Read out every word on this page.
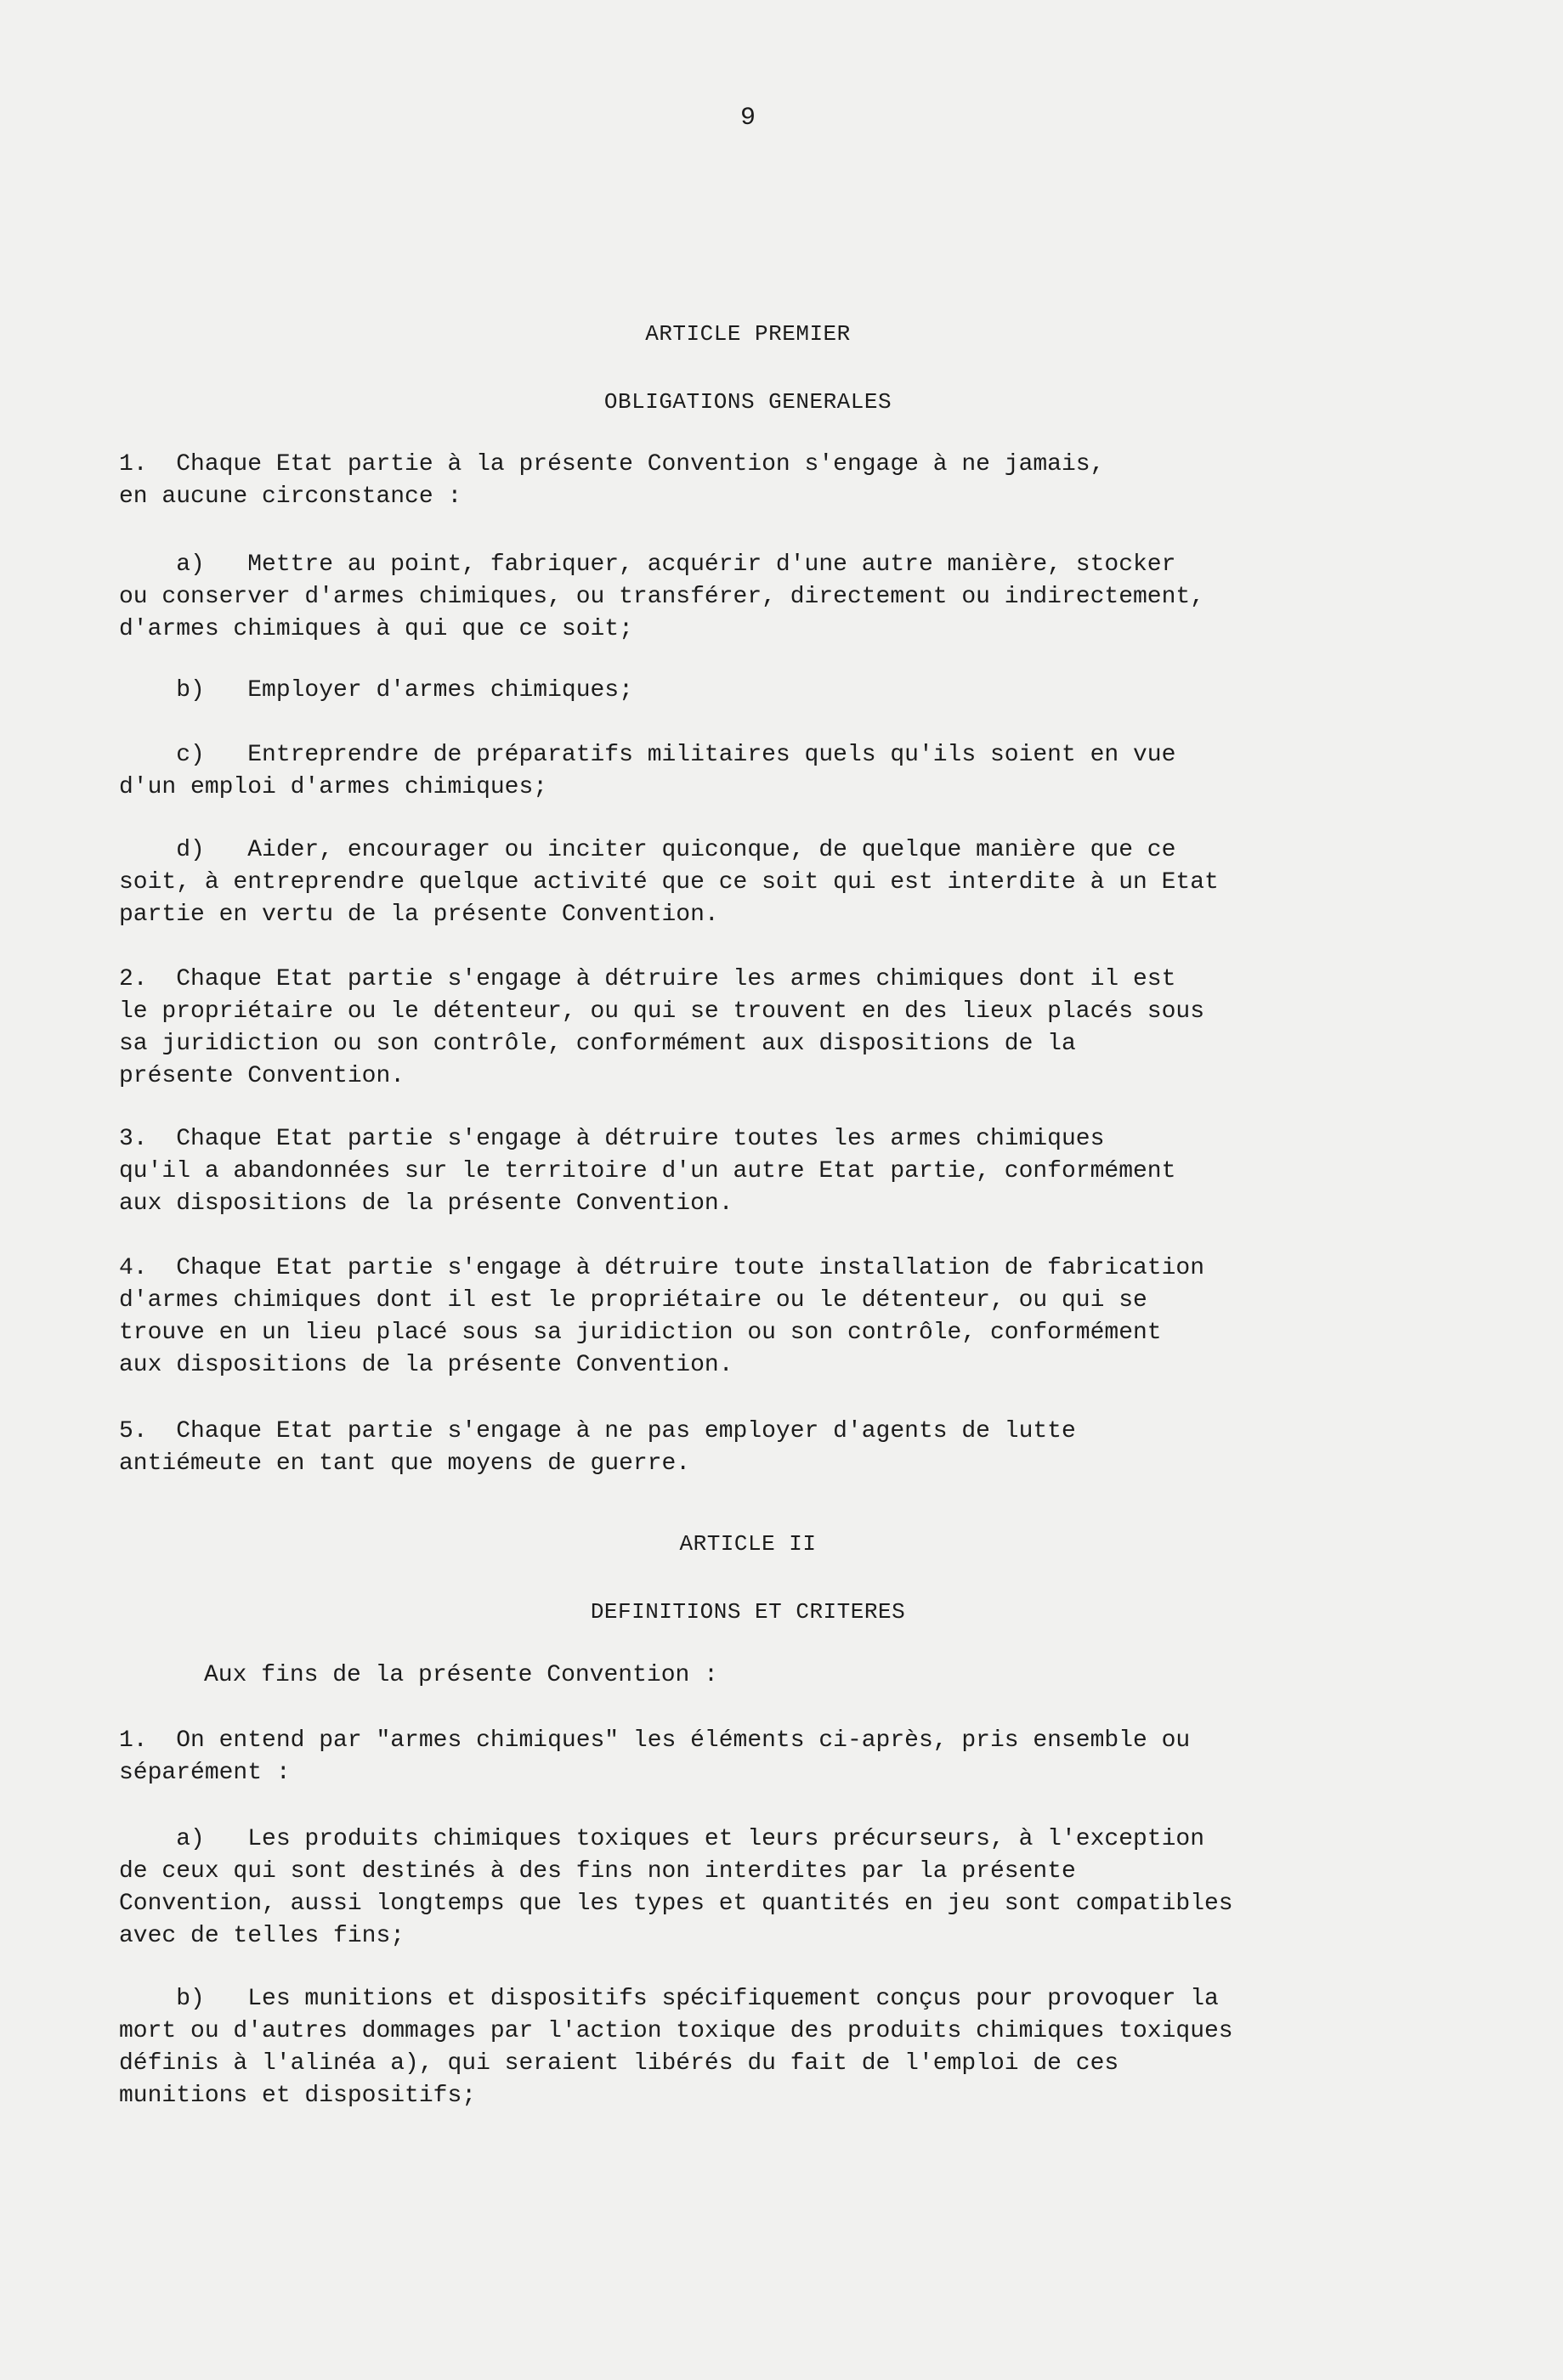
9
ARTICLE PREMIER
OBLIGATIONS GENERALES
1.  Chaque Etat partie à la présente Convention s'engage à ne jamais,
en aucune circonstance :
a)   Mettre au point, fabriquer, acquérir d'une autre manière, stocker
ou conserver d'armes chimiques, ou transférer, directement ou indirectement,
d'armes chimiques à qui que ce soit;
b)   Employer d'armes chimiques;
c)   Entreprendre de préparatifs militaires quels qu'ils soient en vue
d'un emploi d'armes chimiques;
d)   Aider, encourager ou inciter quiconque, de quelque manière que ce
soit, à entreprendre quelque activité que ce soit qui est interdite à un Etat
partie en vertu de la présente Convention.
2.  Chaque Etat partie s'engage à détruire les armes chimiques dont il est
le propriétaire ou le détenteur, ou qui se trouvent en des lieux placés sous
sa juridiction ou son contrôle, conformément aux dispositions de la
présente Convention.
3.  Chaque Etat partie s'engage à détruire toutes les armes chimiques
qu'il a abandonnées sur le territoire d'un autre Etat partie, conformément
aux dispositions de la présente Convention.
4.  Chaque Etat partie s'engage à détruire toute installation de fabrication
d'armes chimiques dont il est le propriétaire ou le détenteur, ou qui se
trouve en un lieu placé sous sa juridiction ou son contrôle, conformément
aux dispositions de la présente Convention.
5.  Chaque Etat partie s'engage à ne pas employer d'agents de lutte
antiémeute en tant que moyens de guerre.
ARTICLE II
DEFINITIONS ET CRITERES
Aux fins de la présente Convention :
1.  On entend par "armes chimiques" les éléments ci-après, pris ensemble ou
séparément :
a)   Les produits chimiques toxiques et leurs précurseurs, à l'exception
de ceux qui sont destinés à des fins non interdites par la présente
Convention, aussi longtemps que les types et quantités en jeu sont compatibles
avec de telles fins;
b)   Les munitions et dispositifs spécifiquement conçus pour provoquer la
mort ou d'autres dommages par l'action toxique des produits chimiques toxiques
définis à l'alinéa a), qui seraient libérés du fait de l'emploi de ces
munitions et dispositifs;
